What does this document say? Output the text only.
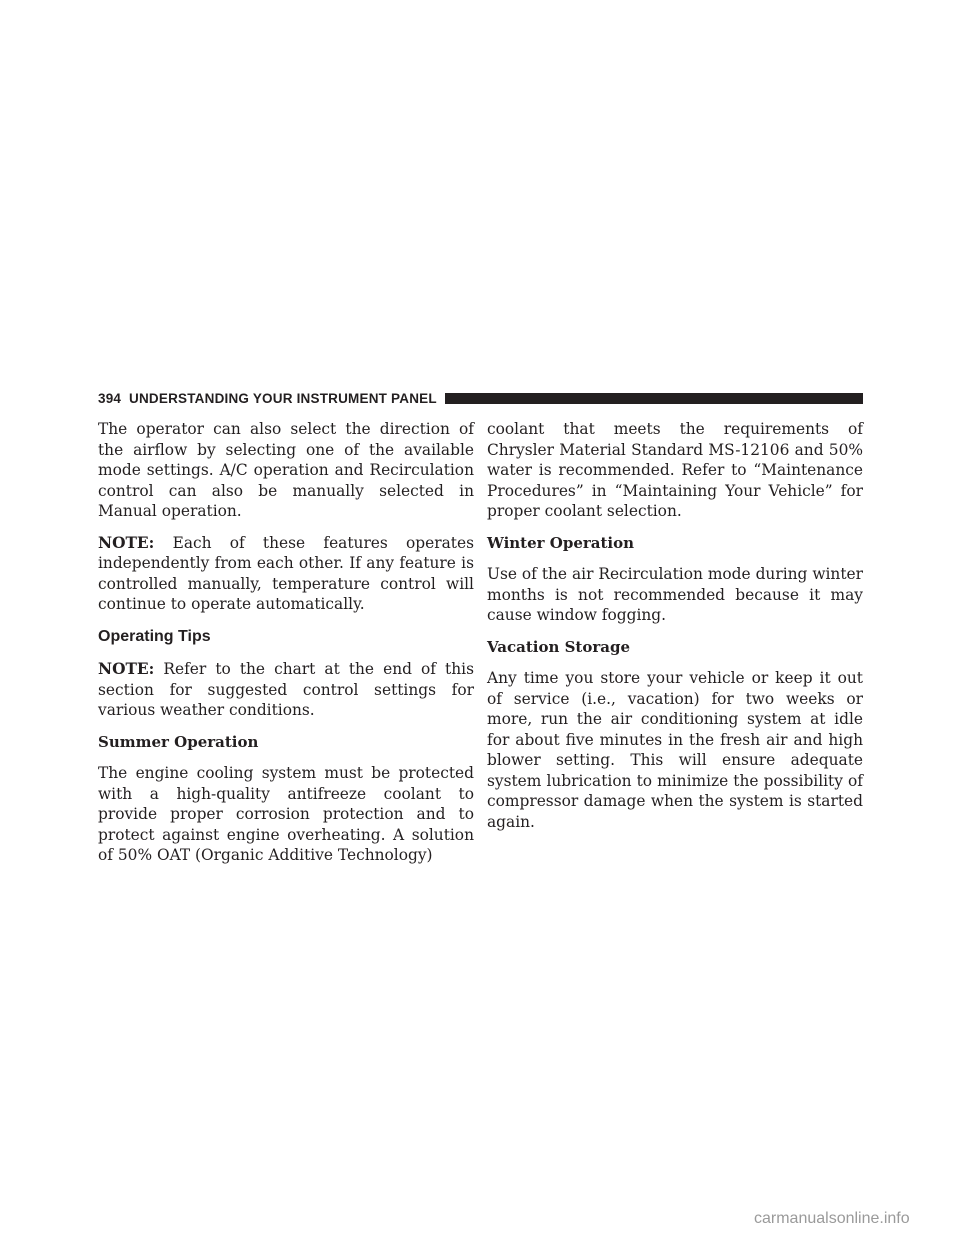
394 UNDERSTANDING YOUR INSTRUMENT PANEL

The operator can also select the direction of the airflow by selecting one of the available mode settings. A/C operation and Recirculation control can also be manually selected in Manual operation.

NOTE: Each of these features operates independently from each other. If any feature is controlled manually, temperature control will continue to operate automatically.

Operating Tips

NOTE: Refer to the chart at the end of this section for suggested control settings for various weather conditions.

Summer Operation

The engine cooling system must be protected with a high-quality antifreeze coolant to provide proper corrosion protection and to protect against engine overheating. A solution of 50% OAT (Organic Additive Technology)

coolant that meets the requirements of Chrysler Material Standard MS-12106 and 50% water is recommended. Refer to “Maintenance Procedures” in “Maintaining Your Vehicle” for proper coolant selection.

Winter Operation

Use of the air Recirculation mode during winter months is not recommended because it may cause window fogging.

Vacation Storage

Any time you store your vehicle or keep it out of service (i.e., vacation) for two weeks or more, run the air conditioning system at idle for about five minutes in the fresh air and high blower setting. This will ensure adequate system lubrication to minimize the possibility of compressor damage when the system is started again.

carmanualsonline.info
